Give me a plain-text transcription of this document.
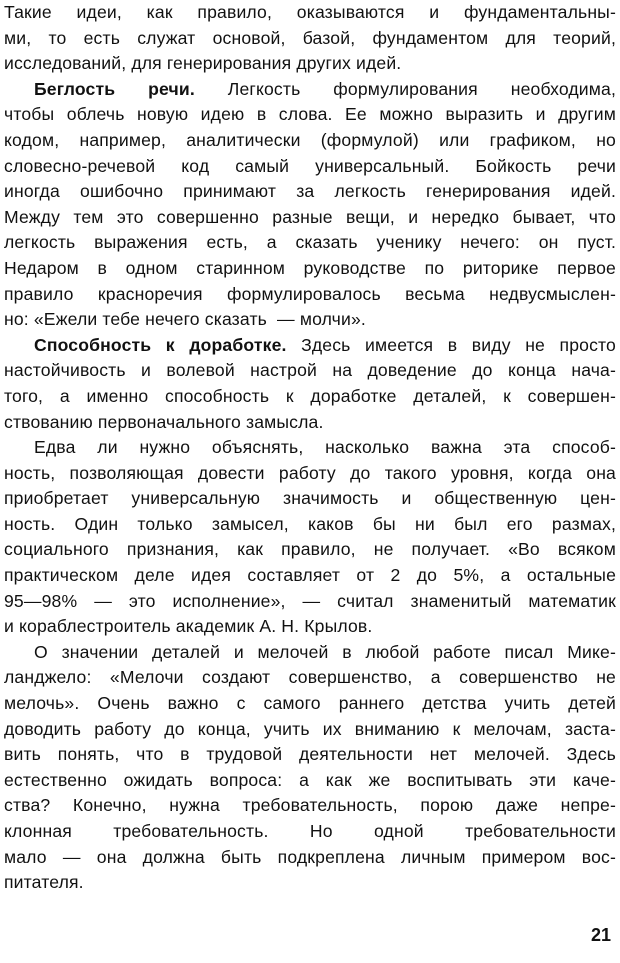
Такие идеи, как правило, оказываются и фундаментальны-
ми, то есть служат основой, базой, фундаментом для теорий,
исследований, для генерирования других идей.
Беглость речи. Легкость формулирования необходима,
чтобы облечь новую идею в слова. Ее можно выразить и другим
кодом, например, аналитически (формулой) или графиком, но
словесно-речевой код самый универсальный. Бойкость речи
иногда ошибочно принимают за легкость генерирования идей.
Между тем это совершенно разные вещи, и нередко бывает, что
легкость выражения есть, а сказать ученику нечего: он пуст.
Недаром в одном старинном руководстве по риторике первое
правило красноречия формулировалось весьма недвусмыслен-
но: «Ежели тебе нечего сказать  — молчи».
Способность к доработке. Здесь имеется в виду не просто
настойчивость и волевой настрой на доведение до конца нача-
того, а именно способность к доработке деталей, к совершен-
ствованию первоначального замысла.
Едва ли нужно объяснять, насколько важна эта способ-
ность, позволяющая довести работу до такого уровня, когда она
приобретает универсальную значимость и общественную цен-
ность. Один только замысел, каков бы ни был его размах,
социального признания, как правило, не получает. «Во всяком
практическом деле идея составляет от 2 до 5%, а остальные
95—98% — это исполнение», — считал знаменитый математик
и кораблестроитель академик А. Н. Крылов.
О значении деталей и мелочей в любой работе писал Мике-
ланджело: «Мелочи создают совершенство, а совершенство не
мелочь». Очень важно с самого раннего детства учить детей
доводить работу до конца, учить их вниманию к мелочам, заста-
вить понять, что в трудовой деятельности нет мелочей. Здесь
естественно ожидать вопроса: а как же воспитывать эти каче-
ства? Конечно, нужна требовательность, порою даже непре-
клонная требовательность. Но одной требовательности
мало — она должна быть подкреплена личным примером вос-
питателя.
21
